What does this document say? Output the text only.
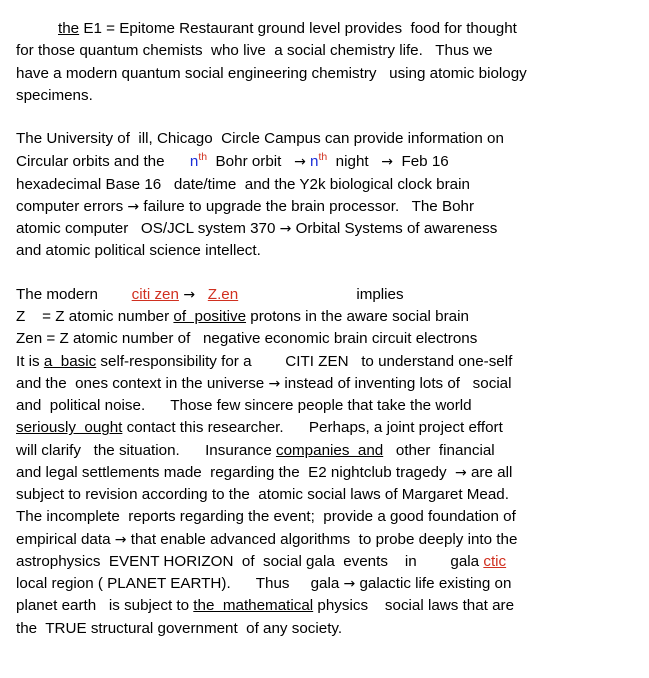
the E1 = Epitome Restaurant ground level provides  food for thought
for those quantum chemists  who live  a social chemistry life.   Thus we
have a modern quantum social engineering chemistry   using atomic biology
specimens.

The University of  ill, Chicago  Circle Campus can provide information on
Circular orbits and the      $n^{th}$  Bohr orbit   → $n^{th}$  night   →  Feb 16
hexadecimal Base 16   date/time  and the Y2k biological clock brain
computer errors → failure to upgrade the brain processor.   The Bohr
atomic computer   OS/JCL system 370 → Orbital Systems of awareness
and atomic political science intellect.

The modern        citi zen → Z.en                            implies
Z    = Z atomic number of  positive protons in the aware social brain
Zen = Z atomic number of   negative economic brain circuit electrons
It is a  basic self-responsibility for a        CITI ZEN   to understand one-self
and the  ones context in the universe → instead of inventing lots of   social
and  political noise.      Those few sincere people that take the world
seriously  ought contact this researcher.      Perhaps, a joint project effort
will clarify   the situation.      Insurance companies  and   other  financial
and legal settlements made  regarding the  E2 nightclub tragedy  → are all
subject to revision according to the  atomic social laws of Margaret Mead.
The incomplete  reports regarding the event;  provide a good foundation of
empirical data → that enable advanced algorithms  to probe deeply into the
astrophysics  EVENT HORIZON  of  social gala  events    in        gala ctic
local region ( PLANET EARTH).      Thus     gala → galactic life existing on
planet earth   is subject to the  mathematical physics    social laws that are
the  TRUE structural government  of any society.
